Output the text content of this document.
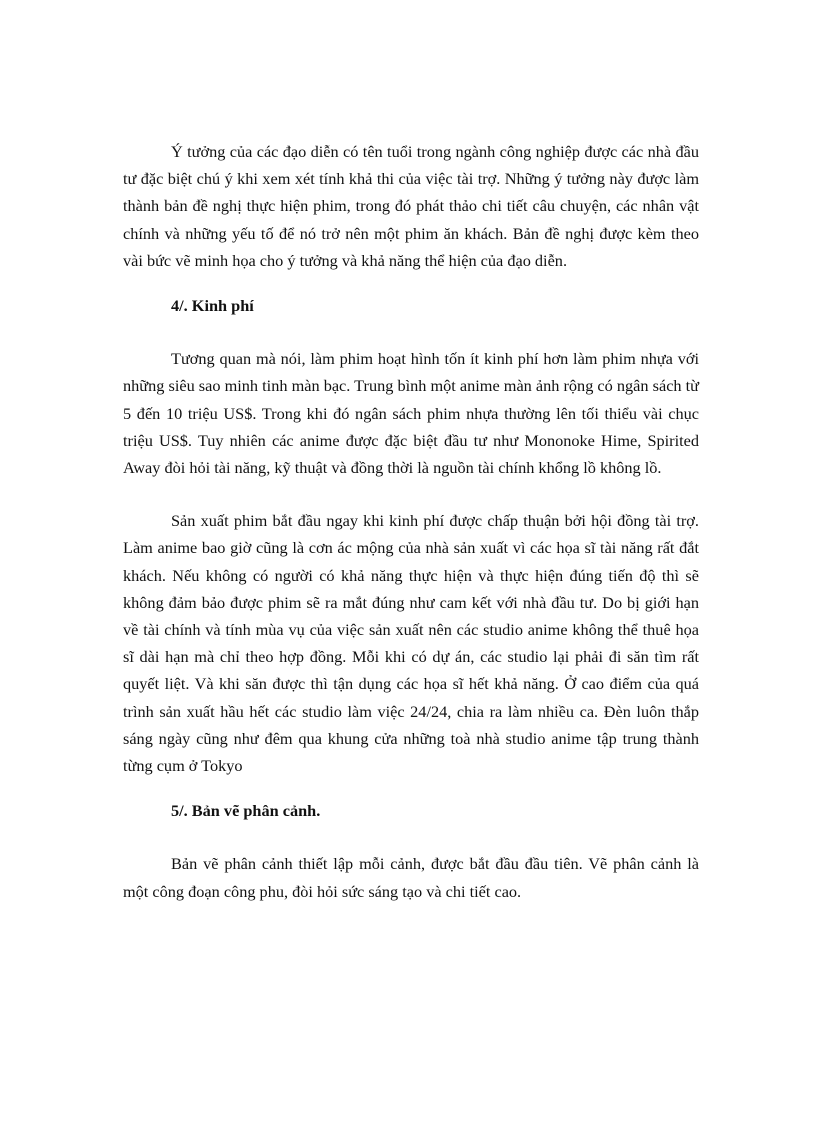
Ý tưởng của các đạo diễn có tên tuổi trong ngành công nghiệp được các nhà đầu tư đặc biệt chú ý khi xem xét tính khả thi của việc tài trợ. Những ý tưởng này được làm thành bản đề nghị thực hiện phim, trong đó phát thảo chi tiết câu chuyện, các nhân vật chính và những yếu tố để nó trở nên một phim ăn khách. Bản đề nghị được kèm theo vài bức vẽ minh họa cho ý tưởng và khả năng thể hiện của đạo diễn.

4/. Kinh phí

Tương quan mà nói, làm phim hoạt hình tốn ít kinh phí hơn làm phim nhựa với những siêu sao minh tinh màn bạc. Trung bình một anime màn ảnh rộng có ngân sách từ 5 đến 10 triệu US$. Trong khi đó ngân sách phim nhựa thường lên tối thiểu vài chục triệu US$. Tuy nhiên các anime được đặc biệt đầu tư như Mononoke Hime, Spirited Away đòi hỏi tài năng, kỹ thuật và đồng thời là nguồn tài chính khổng lồ không lồ.

Sản xuất phim bắt đầu ngay khi kinh phí được chấp thuận bởi hội đồng tài trợ. Làm anime bao giờ cũng là cơn ác mộng của nhà sản xuất vì các họa sĩ tài năng rất đắt khách. Nếu không có người có khả năng thực hiện và thực hiện đúng tiến độ thì sẽ không đảm bảo được phim sẽ ra mắt đúng như cam kết với nhà đầu tư. Do bị giới hạn về tài chính và tính mùa vụ của việc sản xuất nên các studio anime không thể thuê họa sĩ dài hạn mà chỉ theo hợp đồng. Mỗi khi có dự án, các studio lại phải đi săn tìm rất quyết liệt. Và khi săn được thì tận dụng các họa sĩ hết khả năng. Ở cao điểm của quá trình sản xuất hầu hết các studio làm việc 24/24, chia ra làm nhiều ca. Đèn luôn thắp sáng ngày cũng như đêm qua khung cửa những toà nhà studio anime tập trung thành từng cụm ở Tokyo

5/. Bản vẽ phân cảnh.

Bản vẽ phân cảnh thiết lập mỗi cảnh, được bắt đầu đầu tiên. Vẽ phân cảnh là một công đoạn công phu, đòi hỏi sức sáng tạo và chi tiết cao.
